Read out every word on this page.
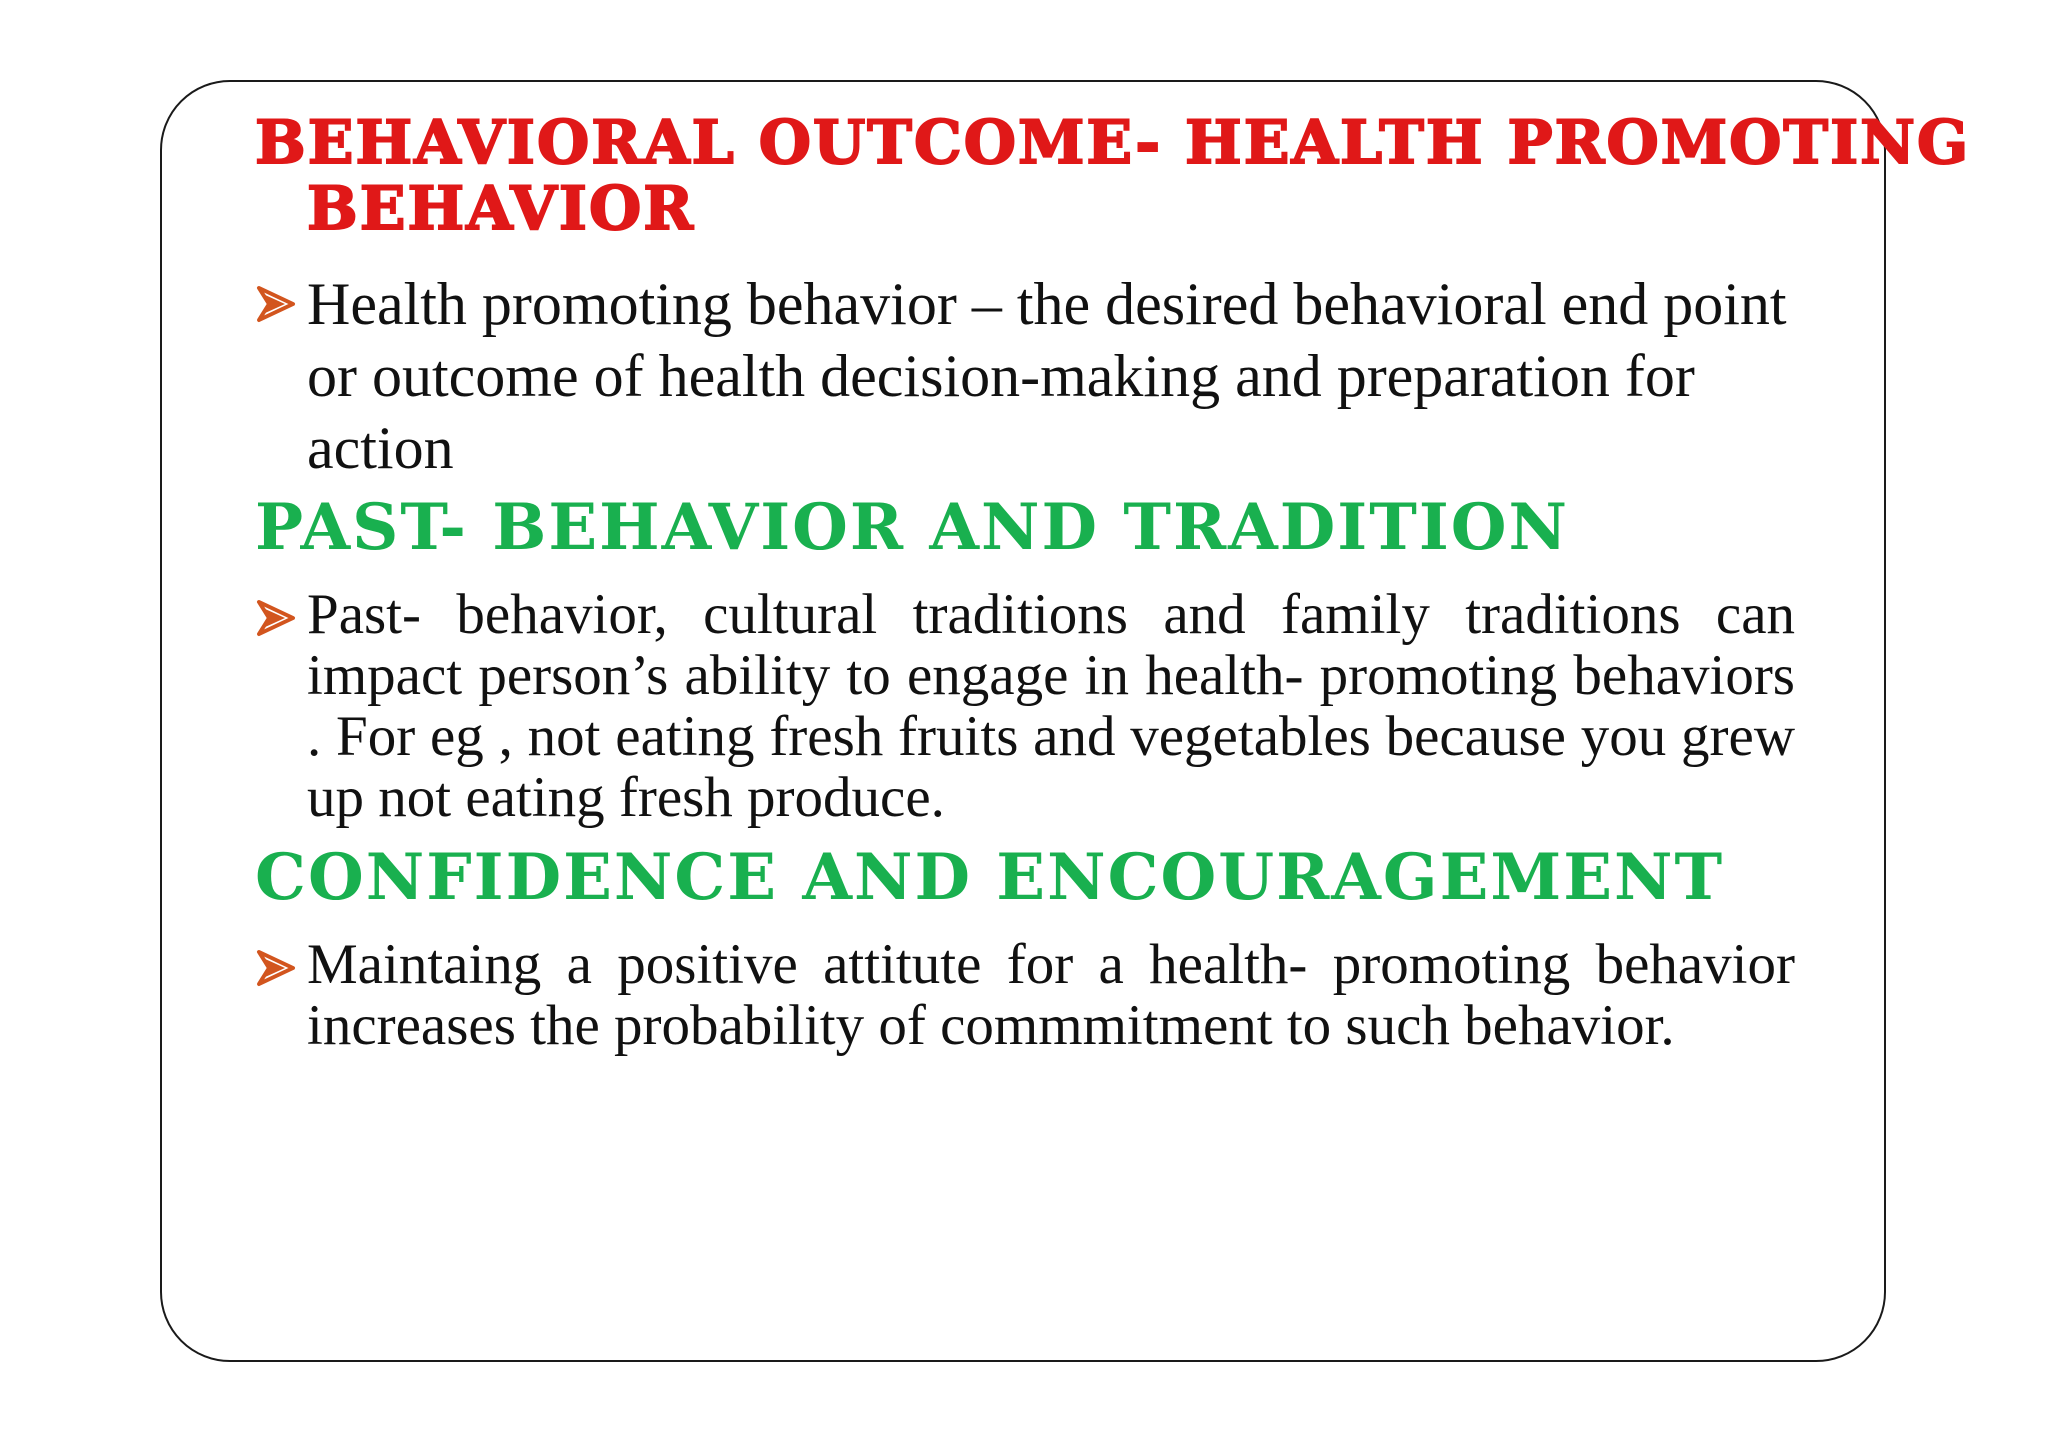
BEHAVIORAL OUTCOME- HEALTH PROMOTING
BEHAVIOR

Health promoting behavior – the desired behavioral end point or outcome of health decision-making and preparation for action

PAST- BEHAVIOR AND TRADITION

Past- behavior, cultural traditions and family traditions can impact person’s ability to engage in health- promoting behaviors . For eg , not eating fresh fruits and vegetables because you grew up not eating fresh produce.

CONFIDENCE AND ENCOURAGEMENT

Maintaing a positive attitute for a health- promoting behavior increases the probability of commmitment to such behavior.
